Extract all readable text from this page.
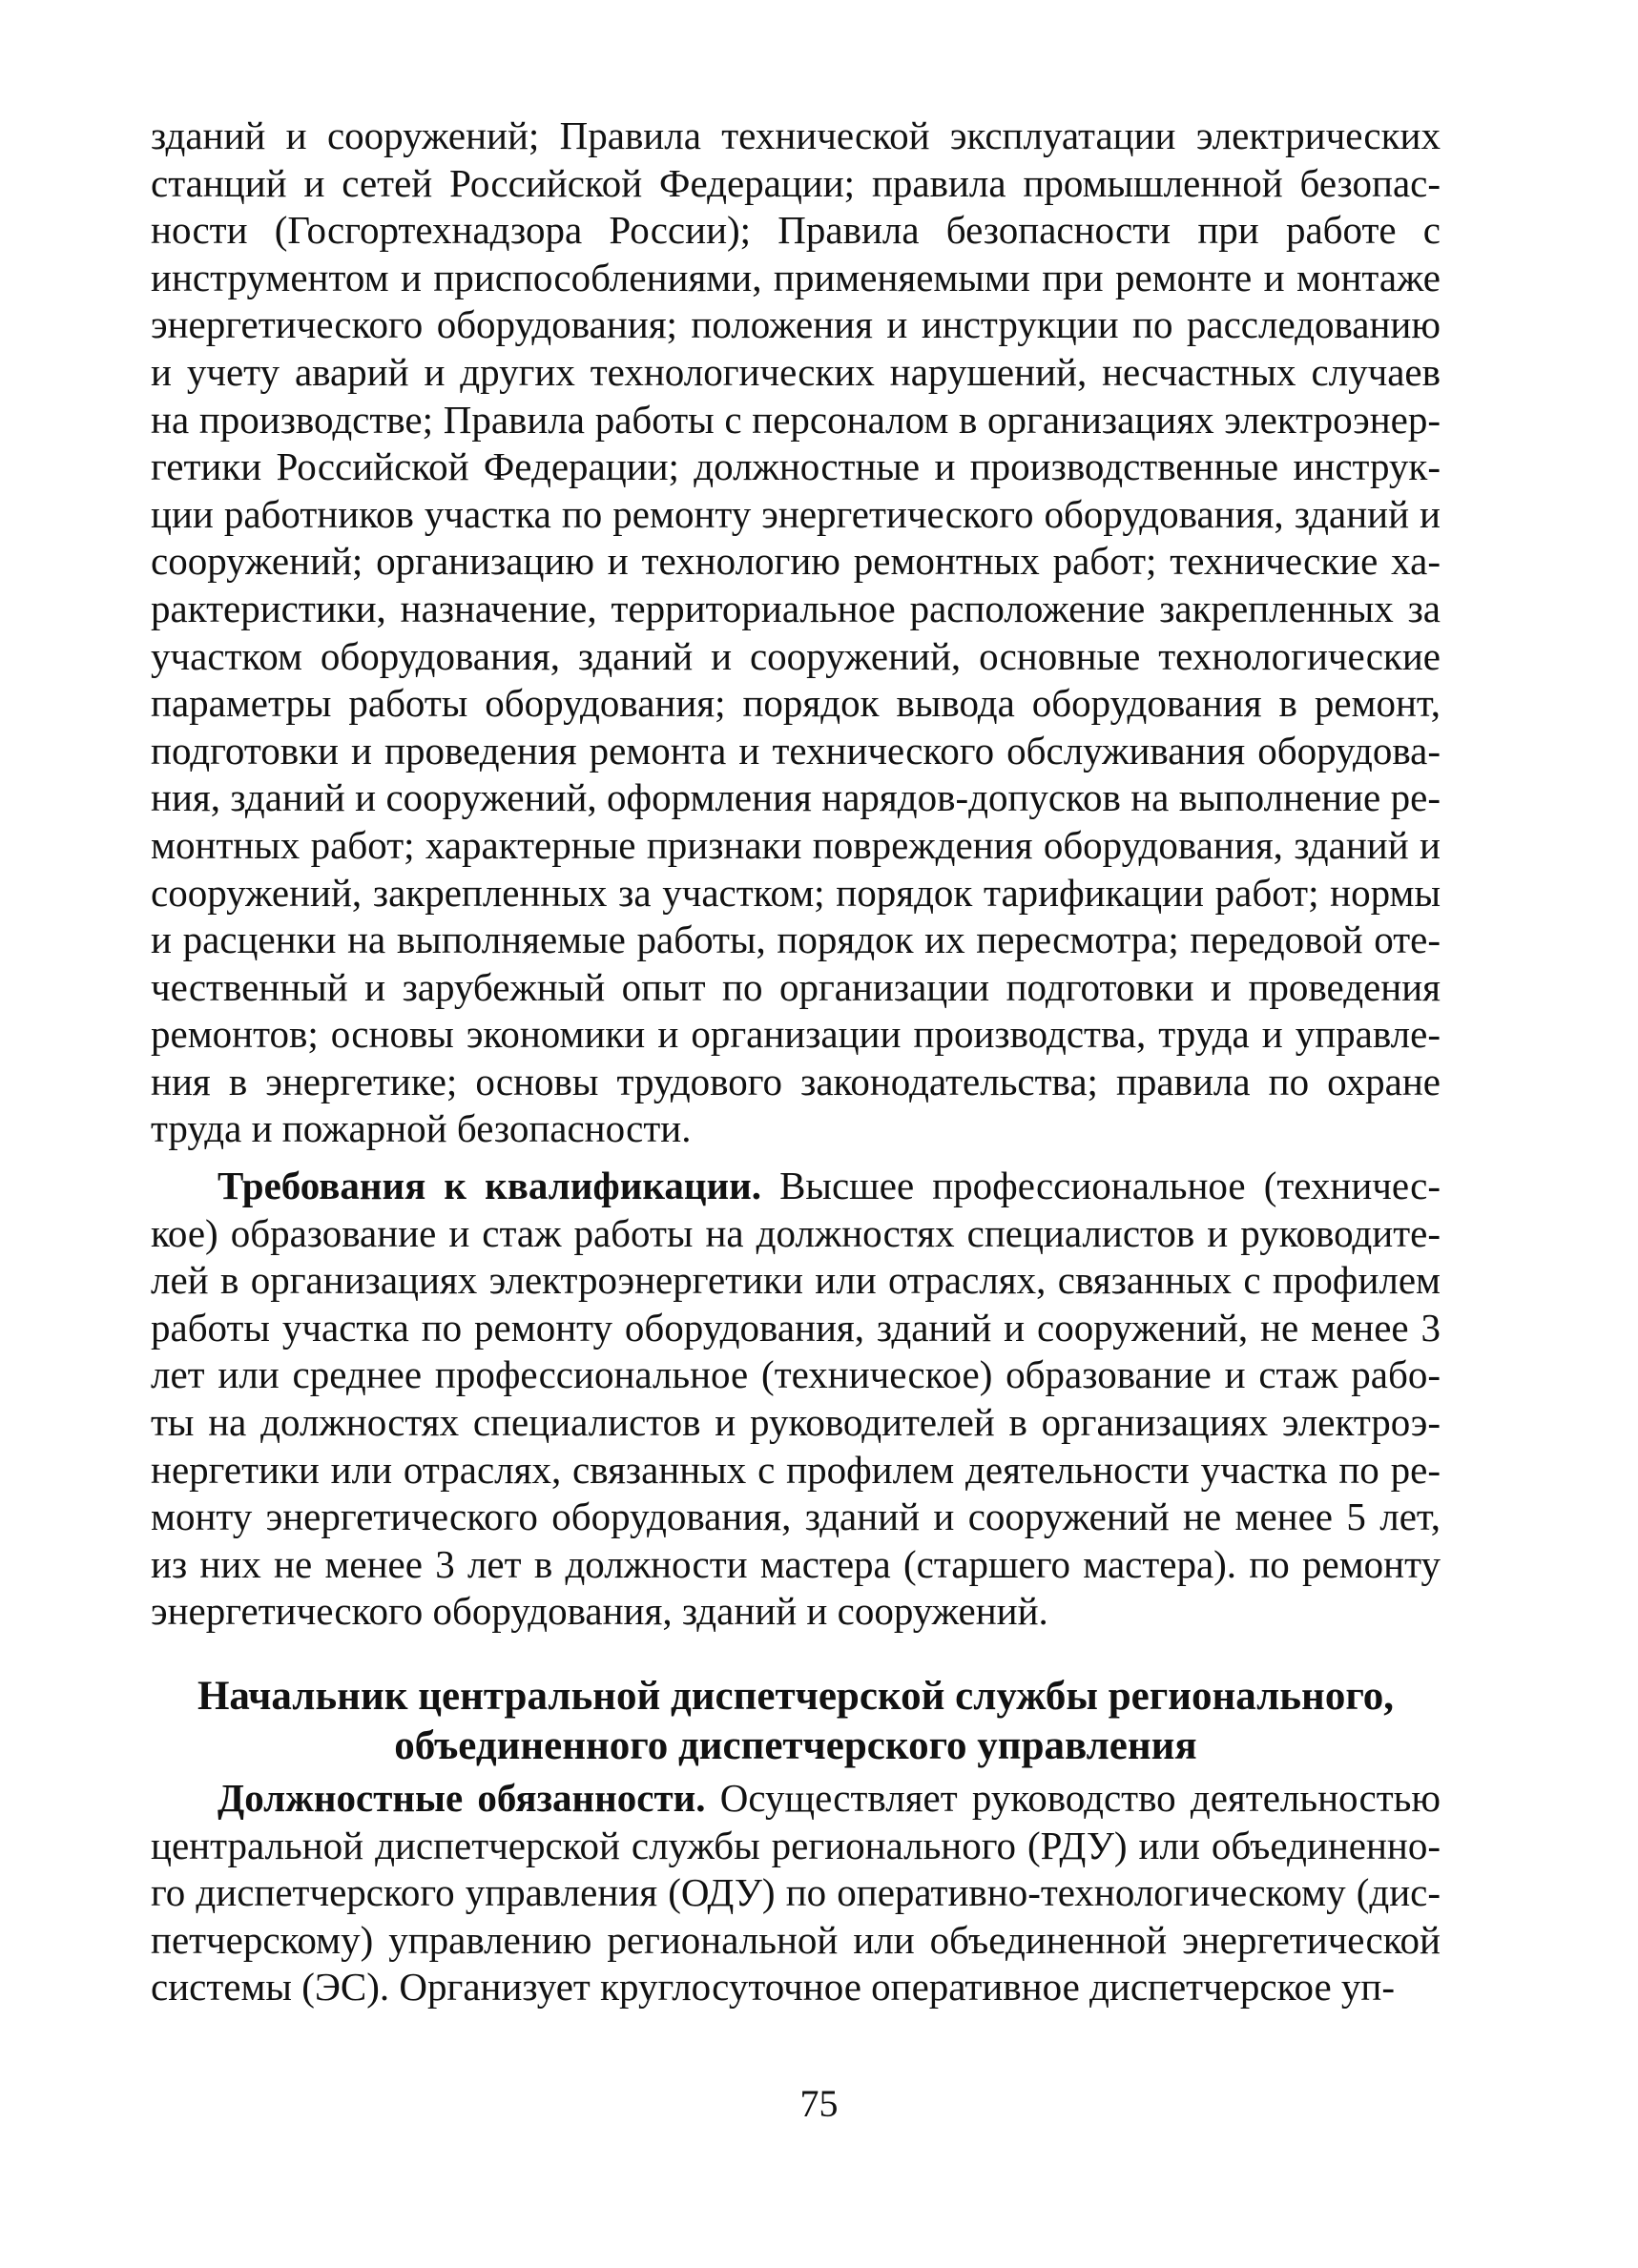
зданий и сооружений; Правила технической эксплуатации электрических станций и сетей Российской Федерации; правила промышленной безопасности (Госгортехнадзора России); Правила безопасности при работе с инструментом и приспособлениями, применяемыми при ремонте и монтаже энергетического оборудования; положения и инструкции по расследованию и учету аварий и других технологических нарушений, несчастных случаев на производстве; Правила работы с персоналом в организациях электроэнергетики Российской Федерации; должностные и производственные инструкции работников участка по ремонту энергетического оборудования, зданий и сооружений; организацию и технологию ремонтных работ; технические характеристики, назначение, территориальное расположение закрепленных за участком оборудования, зданий и сооружений, основные технологические параметры работы оборудования; порядок вывода оборудования в ремонт, подготовки и проведения ремонта и технического обслуживания оборудования, зданий и сооружений, оформления нарядов-допусков на выполнение ремонтных работ; характерные признаки повреждения оборудования, зданий и сооружений, закрепленных за участком; порядок тарификации работ; нормы и расценки на выполняемые работы, порядок их пересмотра; передовой отечественный и зарубежный опыт по организации подготовки и проведения ремонтов; основы экономики и организации производства, труда и управления в энергетике; основы трудового законодательства; правила по охране труда и пожарной безопасности.

Требования к квалификации. Высшее профессиональное (техническое) образование и стаж работы на должностях специалистов и руководителей в организациях электроэнергетики или отраслях, связанных с профилем работы участка по ремонту оборудования, зданий и сооружений, не менее 3 лет или среднее профессиональное (техническое) образование и стаж работы на должностях специалистов и руководителей в организациях электроэнергетики или отраслях, связанных с профилем деятельности участка по ремонту энергетического оборудования, зданий и сооружений не менее 5 лет, из них не менее 3 лет в должности мастера (старшего мастера). по ремонту энергетического оборудования, зданий и сооружений.

Начальник центральной диспетчерской службы регионального,
объединенного диспетчерского управления

Должностные обязанности. Осуществляет руководство деятельностью центральной диспетчерской службы регионального (РДУ) или объединенного диспетчерского управления (ОДУ) по оперативно-технологическому (диспетчерскому) управлению региональной или объединенной энергетической системы (ЭС). Организует круглосуточное оперативное диспетчерское уп-

75
